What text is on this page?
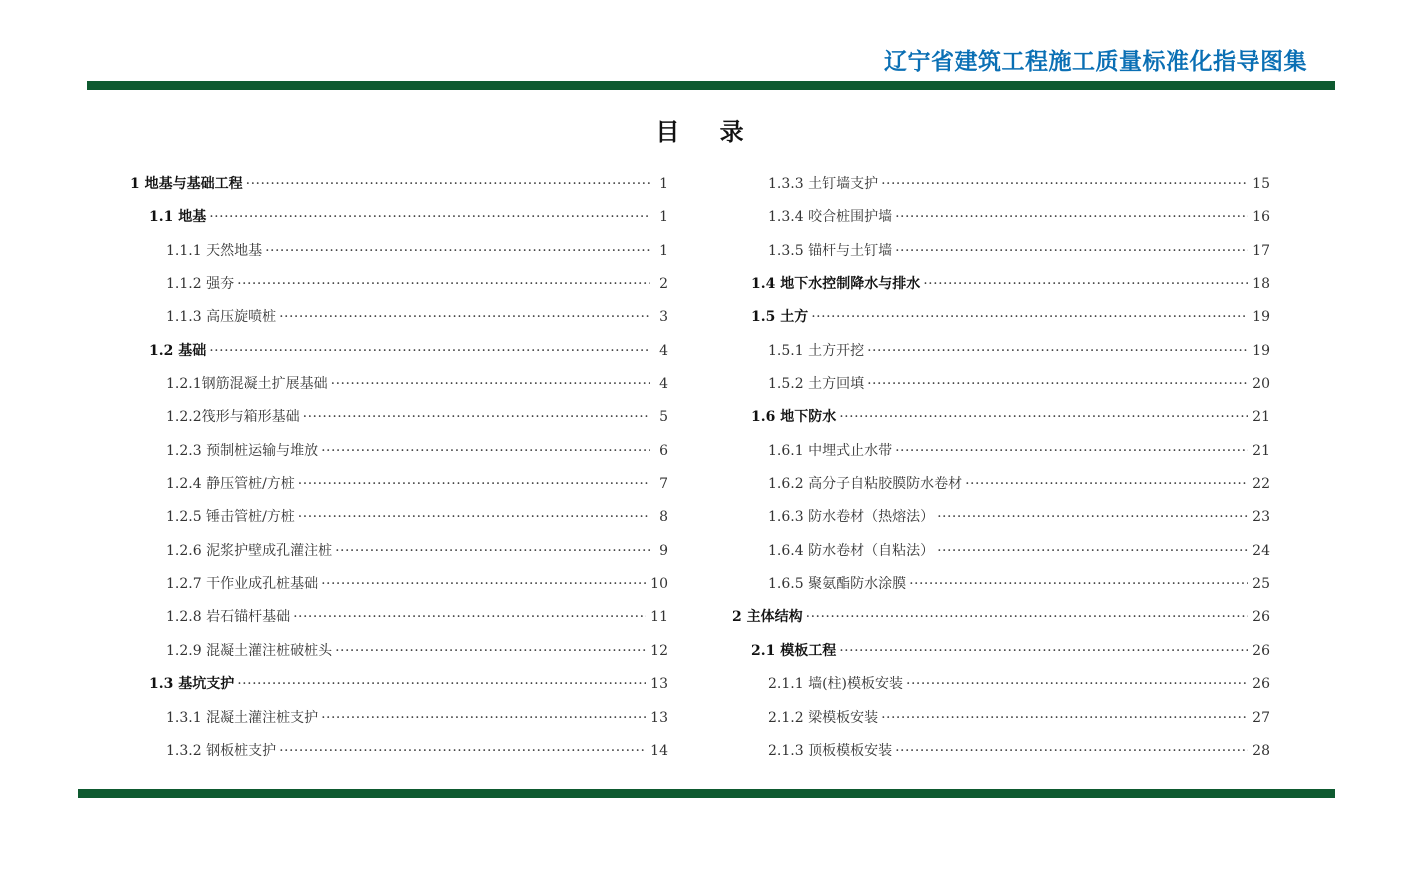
辽宁省建筑工程施工质量标准化指导图集
目 录
1 地基与基础工程 ·····	1
1.1 地基 ·····	1
1.1.1 天然地基 ·····	1
1.1.2 强夯 ·····	2
1.1.3 高压旋喷桩 ·····	3
1.2 基础 ·····	4
1.2.1钢筋混凝土扩展基础 ·····	4
1.2.2筏形与箱形基础 ·····	5
1.2.3 预制桩运输与堆放 ·····	6
1.2.4 静压管桩/方桩 ·····	7
1.2.5 锤击管桩/方桩 ·····	8
1.2.6 泥浆护壁成孔灌注桩 ·····	9
1.2.7 干作业成孔桩基础 ·····	10
1.2.8 岩石锚杆基础 ·····	11
1.2.9 混凝土灌注桩破桩头 ·····	12
1.3 基坑支护 ·····	13
1.3.1 混凝土灌注桩支护 ·····	13
1.3.2 钢板桩支护 ·····	14
1.3.3 土钉墙支护 ·····	15
1.3.4 咬合桩围护墙 ·····	16
1.3.5 锚杆与土钉墙 ·····	17
1.4 地下水控制降水与排水 ·····	18
1.5 土方 ·····	19
1.5.1 土方开挖 ·····	19
1.5.2 土方回填 ·····	20
1.6 地下防水 ·····	21
1.6.1 中埋式止水带 ·····	21
1.6.2 高分子自粘胶膜防水卷材 ·····	22
1.6.3 防水卷材（热熔法） ·····	23
1.6.4 防水卷材（自粘法） ·····	24
1.6.5 聚氨酯防水涂膜 ·····	25
2 主体结构 ·····	26
2.1 模板工程 ·····	26
2.1.1 墙(柱)模板安装 ·····	26
2.1.2 梁模板安装 ·····	27
2.1.3 顶板模板安装 ·····	28
